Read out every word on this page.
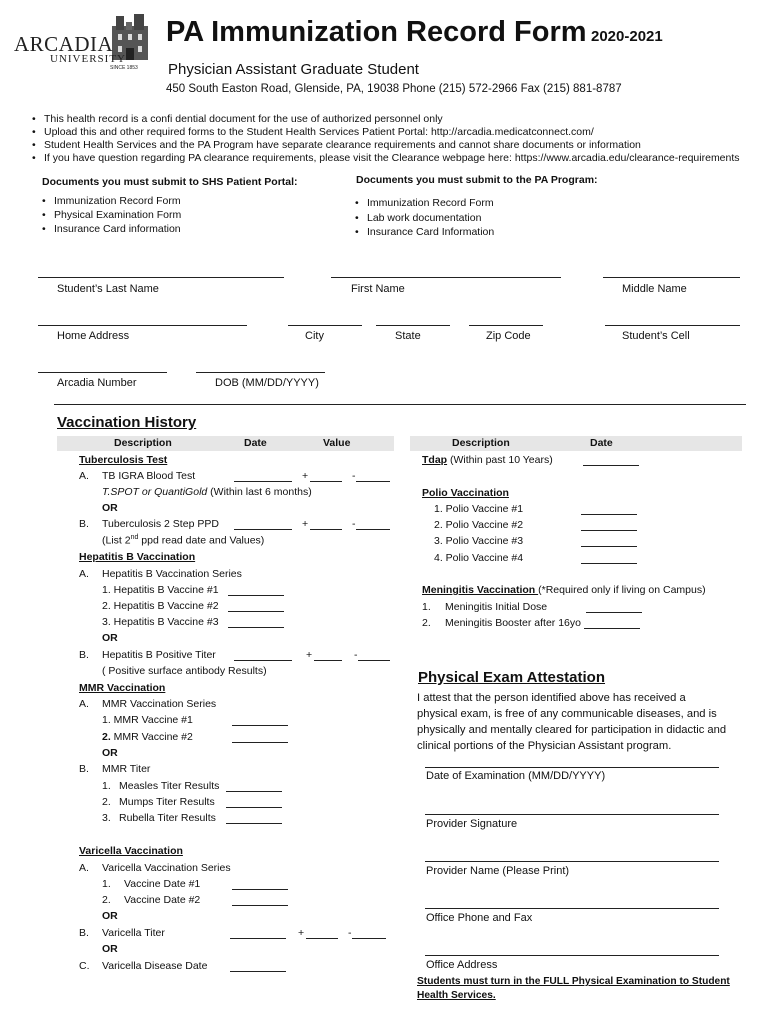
ARCADIA
UNIVERSITY
SINCE 1853
PA Immunization Record Form 2020-2021
Physician Assistant Graduate Student
450 South Easton Road, Glenside, PA, 19038 Phone (215) 572-2966 Fax (215) 881-8787
• This health record is a confi dential document for the use of authorized personnel only
• Upload this and other required forms to the Student Health Services Patient Portal: http://arcadia.medicatconnect.com/
• Student Health Services and the PA Program have separate clearance requirements and cannot share documents or information
• If you have question regarding PA clearance requirements, please visit the Clearance webpage here: https://www.arcadia.edu/clearance-requirements
Documents you must submit to SHS Patient Portal:
• Immunization Record Form
• Physical Examination Form
• Insurance Card information
Documents you must submit to the PA Program:
• Immunization Record Form
• Lab work documentation
• Insurance Card Information
Student’s Last Name	First Name	Middle Name
Home Address	City	State	Zip Code	Student’s Cell
Arcadia Number	DOB (MM/DD/YYYY)
Vaccination History
Description	Date	Value
Tuberculosis Test
A. TB IGRA Blood Test	+	-
T.SPOT or QuantiGold (Within last 6 months)
OR
B. Tuberculosis 2 Step PPD	+	-
(List 2nd ppd read date and Values)
Hepatitis B Vaccination
A. Hepatitis B Vaccination Series
1. Hepatitis B Vaccine #1
2. Hepatitis B Vaccine #2
3. Hepatitis B Vaccine #3
OR
B. Hepatitis B Positive Titer	+	-
( Positive surface antibody Results)
MMR Vaccination
A. MMR Vaccination Series
1. MMR Vaccine #1
2. MMR Vaccine #2
OR
B. MMR Titer
1. Measles Titer Results
2. Mumps Titer Results
3. Rubella Titer Results
Varicella Vaccination
A. Varicella Vaccination Series
1. Vaccine Date #1
2. Vaccine Date #2
OR
B. Varicella Titer	+	-
OR
C. Varicella Disease Date
Description	Date
Tdap (Within past 10 Years)
Polio Vaccination
1. Polio Vaccine #1
2. Polio Vaccine #2
3. Polio Vaccine #3
4. Polio Vaccine #4
Meningitis Vaccination (*Required only if living on Campus)
1. Meningitis Initial Dose
2. Meningitis Booster after 16yo
Physical Exam Attestation
I attest that the person identified above has received a physical exam, is free of any communicable diseases, and is physically and mentally cleared for participation in didactic and clinical portions of the Physician Assistant program.
Date of Examination (MM/DD/YYYY)
Provider Signature
Provider Name (Please Print)
Office Phone and Fax
Office Address
Students must turn in the FULL Physical Examination to Student Health Services.
